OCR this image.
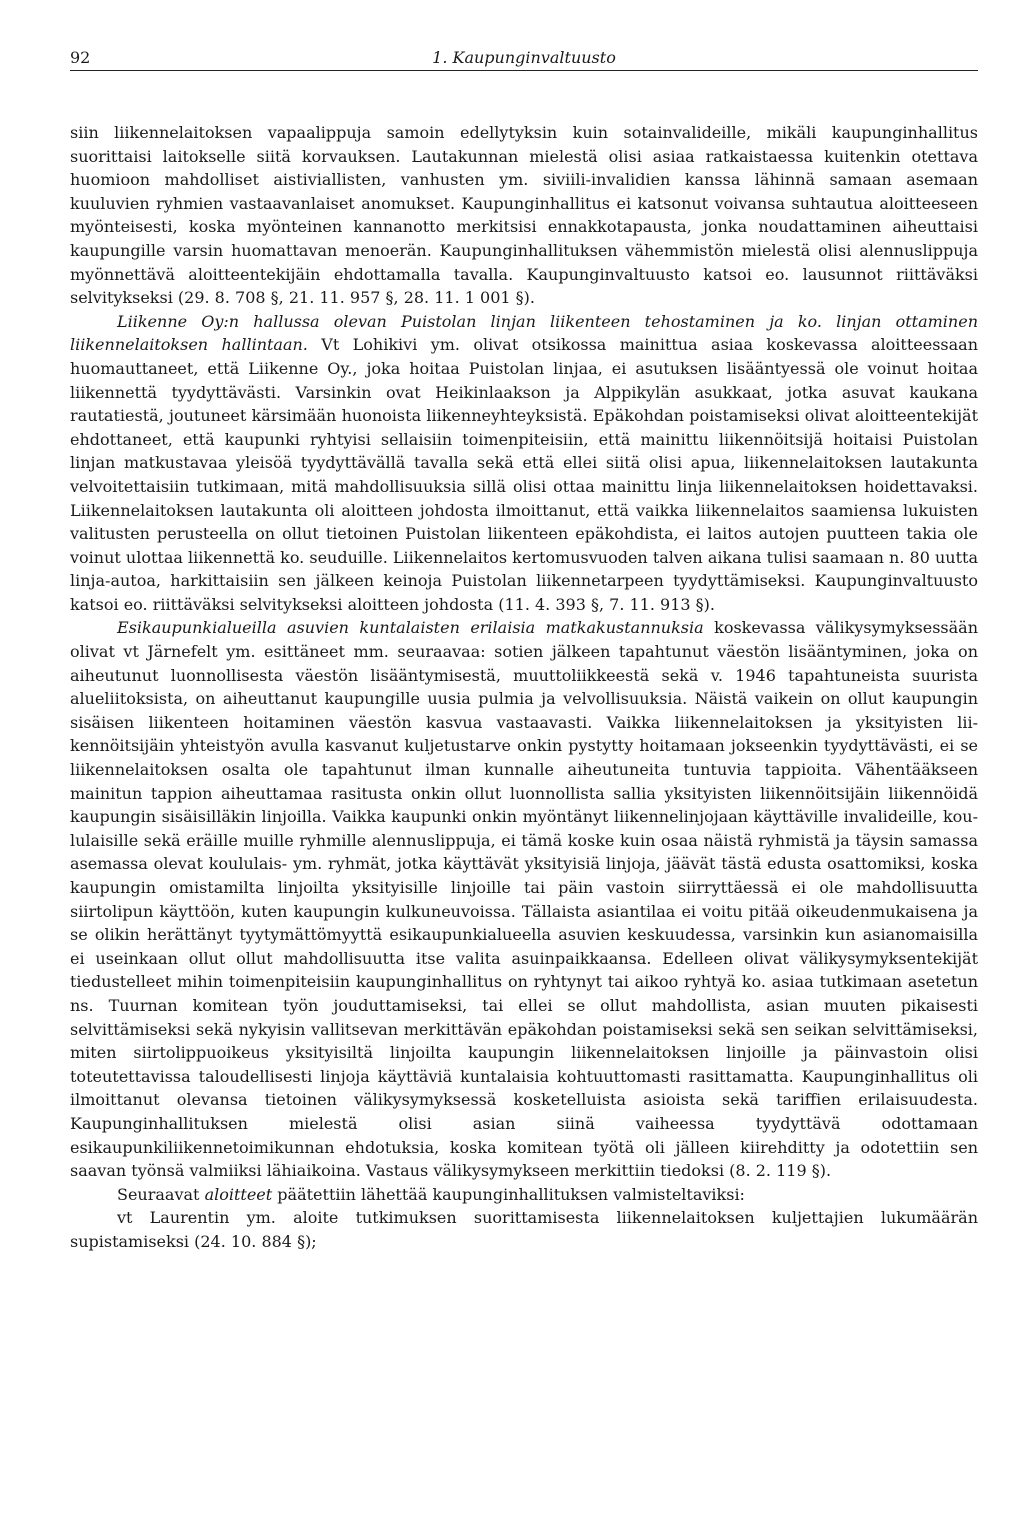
92	1. Kaupunginvaltuusto

siin liikennelaitoksen vapaalippuja samoin edellytyksin kuin sotainvalideille, mikäli kaupunginhallitus suorittaisi laitokselle siitä korvauksen. Lautakunnan mielestä olisi asiaa ratkaistaessa kuitenkin otettava huomioon mahdolliset aistiviallisten, vanhusten ym. siviili-invalidien kanssa lähinnä samaan asemaan kuuluvien ryhmien vastaavanlaiset anomukset. Kaupunginhallitus ei katsonut voivansa suhtautua aloitteeseen myönteisesti, koska myönteinen kannanotto merkitsisi ennakkotapausta, jonka noudattaminen aiheuttaisi kaupungille varsin huomattavan menoerän. Kaupunginhallituksen vähemmistön mielestä olisi alennuslippuja myönnettävä aloitteentekijäin ehdottamalla tavalla. Kaupunginvaltuusto katsoi eo. lausunnot riittäväksi selvitykseksi (29. 8. 708 §, 21. 11. 957 §, 28. 11. 1 001 §).

Liikenne Oy:n hallussa olevan Puistolan linjan liikenteen tehostaminen ja ko. linjan ottaminen liikennelaitoksen hallintaan. Vt Lohikivi ym. olivat otsikossa mainittua asiaa koskevassa aloitteessaan huomauttaneet, että Liikenne Oy., joka hoitaa Puistolan linjaa, ei asutuksen lisääntyessä ole voinut hoitaa liikennettä tyydyttävästi. Varsinkin ovat Heikinlaakson ja Alppikylän asukkaat, jotka asuvat kaukana rautatiestä, joutuneet kärsimään huonoista liikenneyhteyksistä. Epäkohdan poistamiseksi olivat aloitteentekijät ehdottaneet, että kaupunki ryhtyisi sellaisiin toimenpiteisiin, että mainittu liikennöitsijä hoitaisi Puistolan linjan matkustavaa yleisöä tyydyttävällä tavalla sekä että ellei siitä olisi apua, liikennelaitoksen lautakunta velvoitettaisiin tutkimaan, mitä mahdollisuuksia sillä olisi ottaa mainittu linja liikennelaitoksen hoidettavaksi. Liikennelaitoksen lautakunta oli aloitteen johdosta ilmoittanut, että vaikka liikennelaitos saamiensa lukuisten valitusten perusteella on ollut tietoinen Puistolan liikenteen epäkohdista, ei laitos autojen puutteen takia ole voinut ulottaa liikennettä ko. seuduille. Liikennelaitos kertomusvuoden talven aikana tulisi saamaan n. 80 uutta linja-autoa, harkittaisiin sen jälkeen keinoja Puistolan liikennetarpeen tyydyttämiseksi. Kaupunginvaltuusto katsoi eo. riittäväksi selvitykseksi aloitteen johdosta (11. 4. 393 §, 7. 11. 913 §).

Esikaupunkialueilla asuvien kuntalaisten erilaisia matkakustannuksia koskevassa välikysymyksessään olivat vt Järnefelt ym. esittäneet mm. seuraavaa: sotien jälkeen tapahtunut väestön lisääntyminen, joka on aiheutunut luonnollisesta väestön lisääntymisestä, muuttoliikkeestä sekä v. 1946 tapahtuneista suurista alueliitoksista, on aiheuttanut kaupungille uusia pulmia ja velvollisuuksia. Näistä vaikein on ollut kaupungin sisäisen liikenteen hoitaminen väestön kasvua vastaavasti. Vaikka liikennelaitoksen ja yksityisten liikennöitsijäin yhteistyön avulla kasvanut kuljetustarve onkin pystytty hoitamaan jokseenkin tyydyttävästi, ei se liikennelaitoksen osalta ole tapahtunut ilman kunnalle aiheutuneita tuntuvia tappioita. Vähentääkseen mainitun tappion aiheuttamaa rasitusta onkin ollut luonnollista sallia yksityisten liikennöitsijäin liikennöidä kaupungin sisäisilläkin linjoilla. Vaikka kaupunki onkin myöntänyt liikennelinjojaan käyttäville invalideille, koululaisille sekä eräille muille ryhmille alennuslippuja, ei tämä koske kuin osaa näistä ryhmistä ja täysin samassa asemassa olevat koululais- ym. ryhmät, jotka käyttävät yksityisiä linjoja, jäävät tästä edusta osattomiksi, koska kaupungin omistamilta linjoilta yksityisille linjoille tai päin vastoin siirryttäessä ei ole mahdollisuutta siirtolipun käyttöön, kuten kaupungin kulkuneuvoissa. Tällaista asiantilaa ei voitu pitää oikeudenmukaisena ja se olikin herättänyt tyytymättömyyttä esikaupunkialueella asuvien keskuudessa, varsinkin kun asianomaisilla ei useinkaan ollut ollut mahdollisuutta itse valita asuinpaikkaansa. Edelleen olivat välikysymyksentekijät tiedustelleet mihin toimenpiteisiin kaupunginhallitus on ryhtynyt tai aikoo ryhtyä ko. asiaa tutkimaan asetetun ns. Tuurnan komitean työn jouduttamiseksi, tai ellei se ollut mahdollista, asian muuten pikaisesti selvittämiseksi sekä nykyisin vallitsevan merkittävän epäkohdan poistamiseksi sekä sen seikan selvittämiseksi, miten siirtolippuoikeus yksityisiltä linjoilta kaupungin liikennelaitoksen linjoille ja päinvastoin olisi toteutettavissa taloudellisesti linjoja käyttäviä kuntalaisia kohtuuttomasti rasittamatta. Kaupunginhallitus oli ilmoittanut olevansa tietoinen välikysymyksessä kosketelluista asioista sekä tariffien erilaisuudesta. Kaupunginhallituksen mielestä olisi asian siinä vaiheessa tyydyttävä odottamaan esikaupunkiliikennetoimikunnan ehdotuksia, koska komitean työtä oli jälleen kiirehditty ja odotettiin sen saavan työnsä valmiiksi lähiaikoina. Vastaus välikysymykseen merkittiin tiedoksi (8. 2. 119 §).

Seuraavat aloitteet päätettiin lähettää kaupunginhallituksen valmisteltaviksi:

vt Laurentin ym. aloite tutkimuksen suorittamisesta liikennelaitoksen kuljettajien lukumäärän supistamiseksi (24. 10. 884 §);
